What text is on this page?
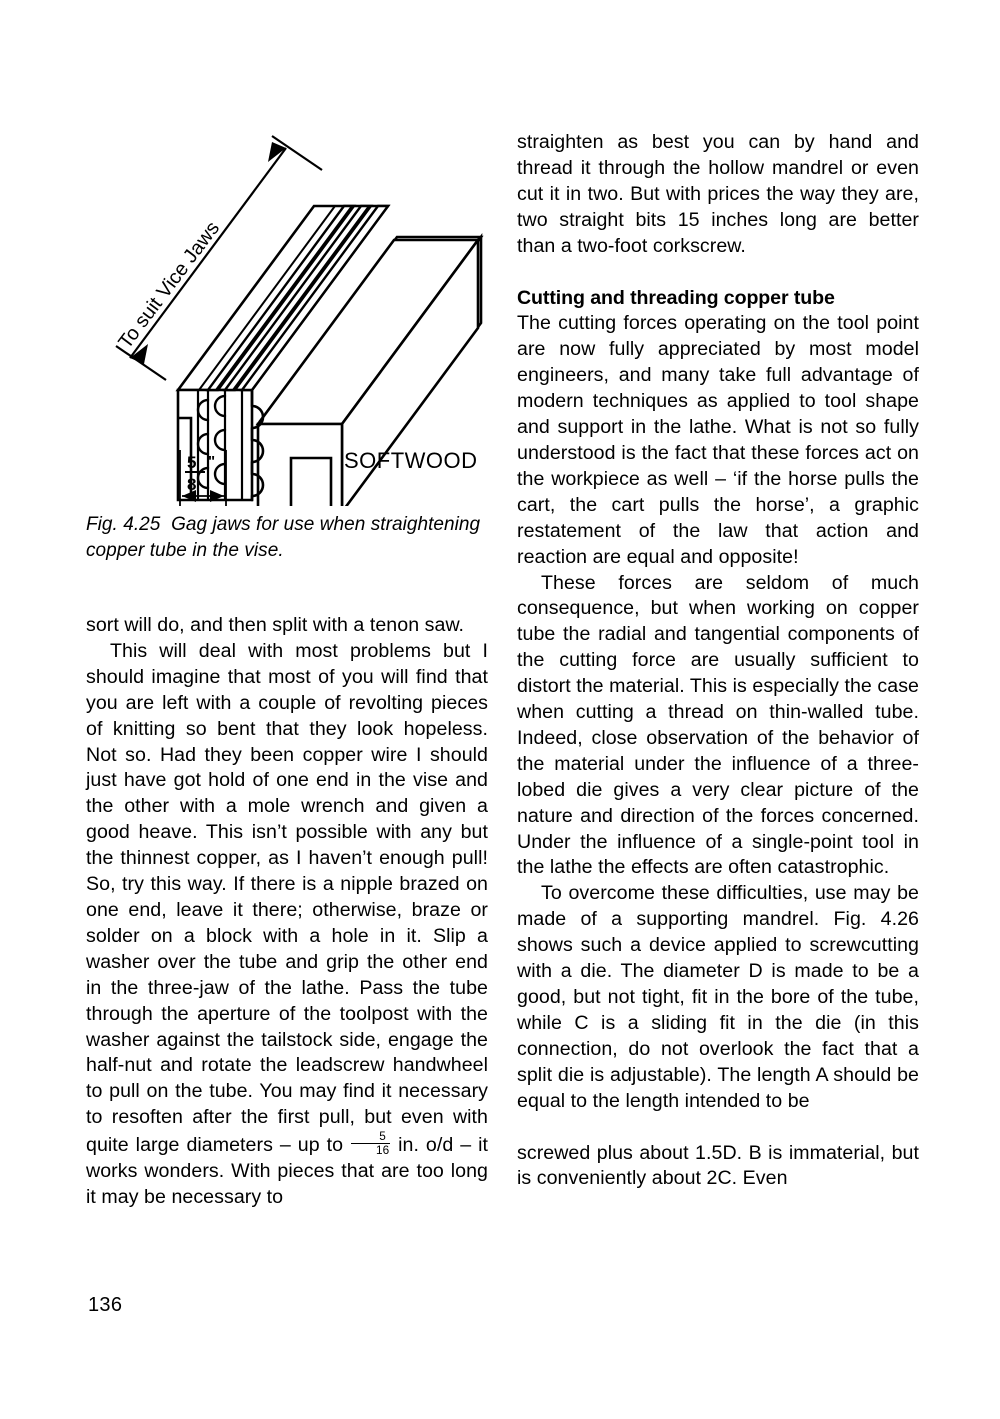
5 "
8
To suit Vice Jaws
SOFTWOOD

Fig. 4.25 Gag jaws for use when straightening copper tube in the vise.

sort will do, and then split with a tenon saw.

This will deal with most problems but I should imagine that most of you will find that you are left with a couple of revolting pieces of knitting so bent that they look hopeless. Not so. Had they been copper wire I should just have got hold of one end in the vise and the other with a mole wrench and given a good heave. This isn’t possible with any but the thinnest copper, as I haven’t enough pull! So, try this way. If there is a nipple brazed on one end, leave it there; otherwise, braze or solder on a block with a hole in it. Slip a washer over the tube and grip the other end in the three-jaw of the lathe. Pass the tube through the aperture of the toolpost with the washer against the tailstock side, engage the half-nut and rotate the leadscrew handwheel to pull on the tube. You may find it necessary to resoften after the first pull, but even with quite large diameters – up to $\frac{5}{16}$ in. o/d – it works wonders. With pieces that are too long it may be necessary to

straighten as best you can by hand and thread it through the hollow mandrel or even cut it in two. But with prices the way they are, two straight bits 15 inches long are better than a two-foot corkscrew.

Cutting and threading copper tube

The cutting forces operating on the tool point are now fully appreciated by most model engineers, and many take full advantage of modern techniques as applied to tool shape and support in the lathe. What is not so fully understood is the fact that these forces act on the workpiece as well – ‘if the horse pulls the cart, the cart pulls the horse’, a graphic restatement of the law that action and reaction are equal and opposite!

These forces are seldom of much consequence, but when working on copper tube the radial and tangential components of the cutting force are usually sufficient to distort the material. This is especially the case when cutting a thread on thin-walled tube. Indeed, close observation of the behavior of the material under the influence of a three-lobed die gives a very clear picture of the nature and direction of the forces concerned. Under the influence of a single-point tool in the lathe the effects are often catastrophic.

To overcome these difficulties, use may be made of a supporting mandrel. Fig. 4.26 shows such a device applied to screwcutting with a die. The diameter D is made to be a good, but not tight, fit in the bore of the tube, while C is a sliding fit in the die (in this connection, do not overlook the fact that a split die is adjustable). The length A should be equal to the length intended to be

screwed plus about 1.5D. B is immaterial, but is conveniently about 2C. Even

136
